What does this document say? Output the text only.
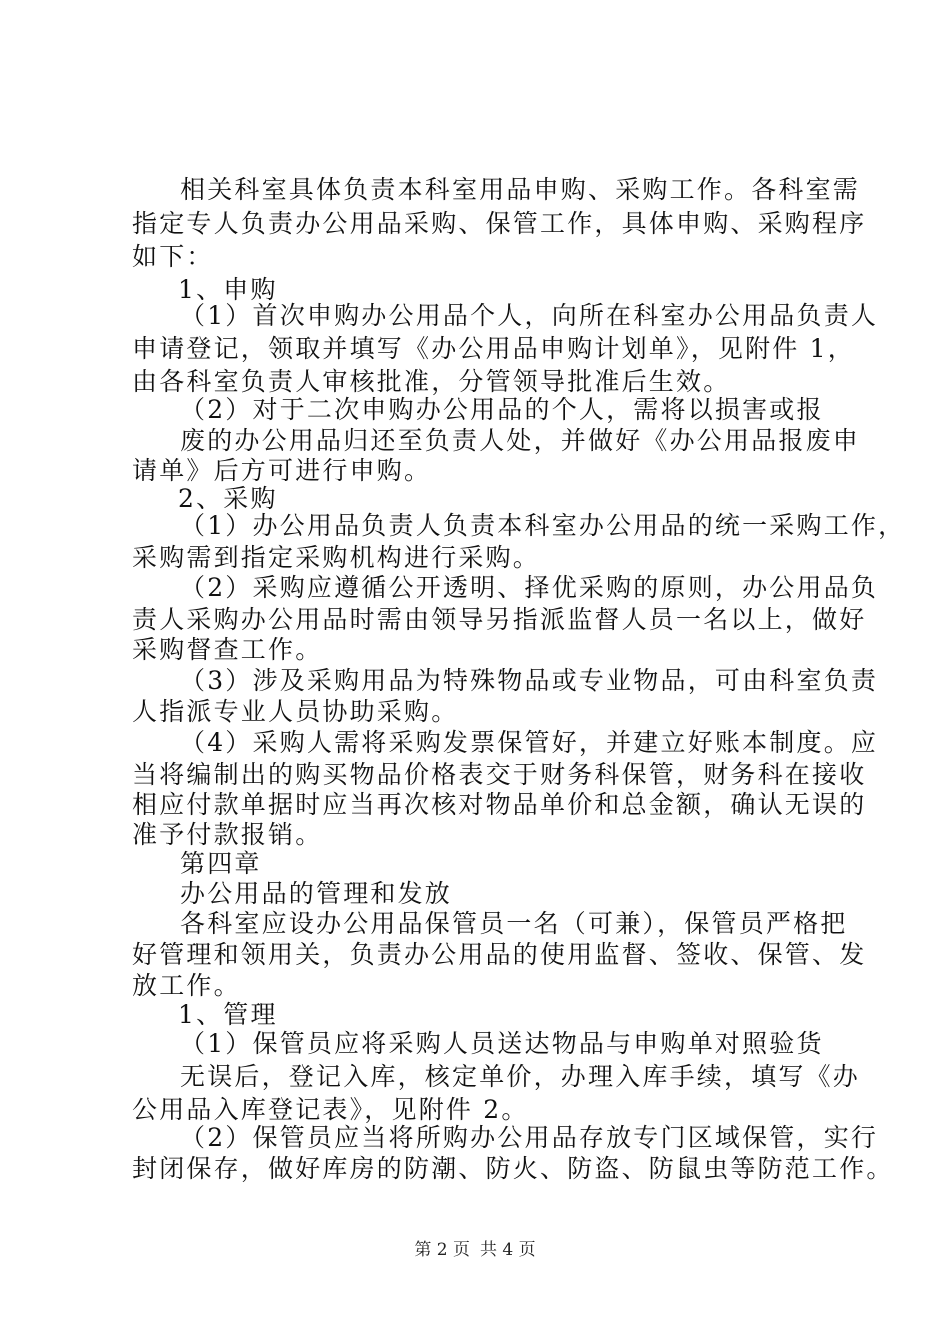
相关科室具体负责本科室用品申购、采购工作。各科室需
指定专人负责办公用品采购、保管工作，具体申购、采购程序
如下：
1、申购
（1）首次申购办公用品个人，向所在科室办公用品负责人
申请登记，领取并填写《办公用品申购计划单》，见附件 1，
由各科室负责人审核批准，分管领导批准后生效。
（2）对于二次申购办公用品的个人，需将以损害或报
废的办公用品归还至负责人处，并做好《办公用品报废申
请单》后方可进行申购。
2、采购
（1）办公用品负责人负责本科室办公用品的统一采购工作，
采购需到指定采购机构进行采购。
（2）采购应遵循公开透明、择优采购的原则，办公用品负
责人采购办公用品时需由领导另指派监督人员一名以上，做好
采购督查工作。
（3）涉及采购用品为特殊物品或专业物品，可由科室负责
人指派专业人员协助采购。
（4）采购人需将采购发票保管好，并建立好账本制度。应
当将编制出的购买物品价格表交于财务科保管，财务科在接收
相应付款单据时应当再次核对物品单价和总金额，确认无误的
准予付款报销。
第四章
办公用品的管理和发放
各科室应设办公用品保管员一名（可兼），保管员严格把
好管理和领用关，负责办公用品的使用监督、签收、保管、发
放工作。
1、管理
（1）保管员应将采购人员送达物品与申购单对照验货
无误后，登记入库，核定单价，办理入库手续，填写《办
公用品入库登记表》，见附件 2。
（2）保管员应当将所购办公用品存放专门区域保管，实行
封闭保存，做好库房的防潮、防火、防盗、防鼠虫等防范工作。
第 2 页 共 4 页
